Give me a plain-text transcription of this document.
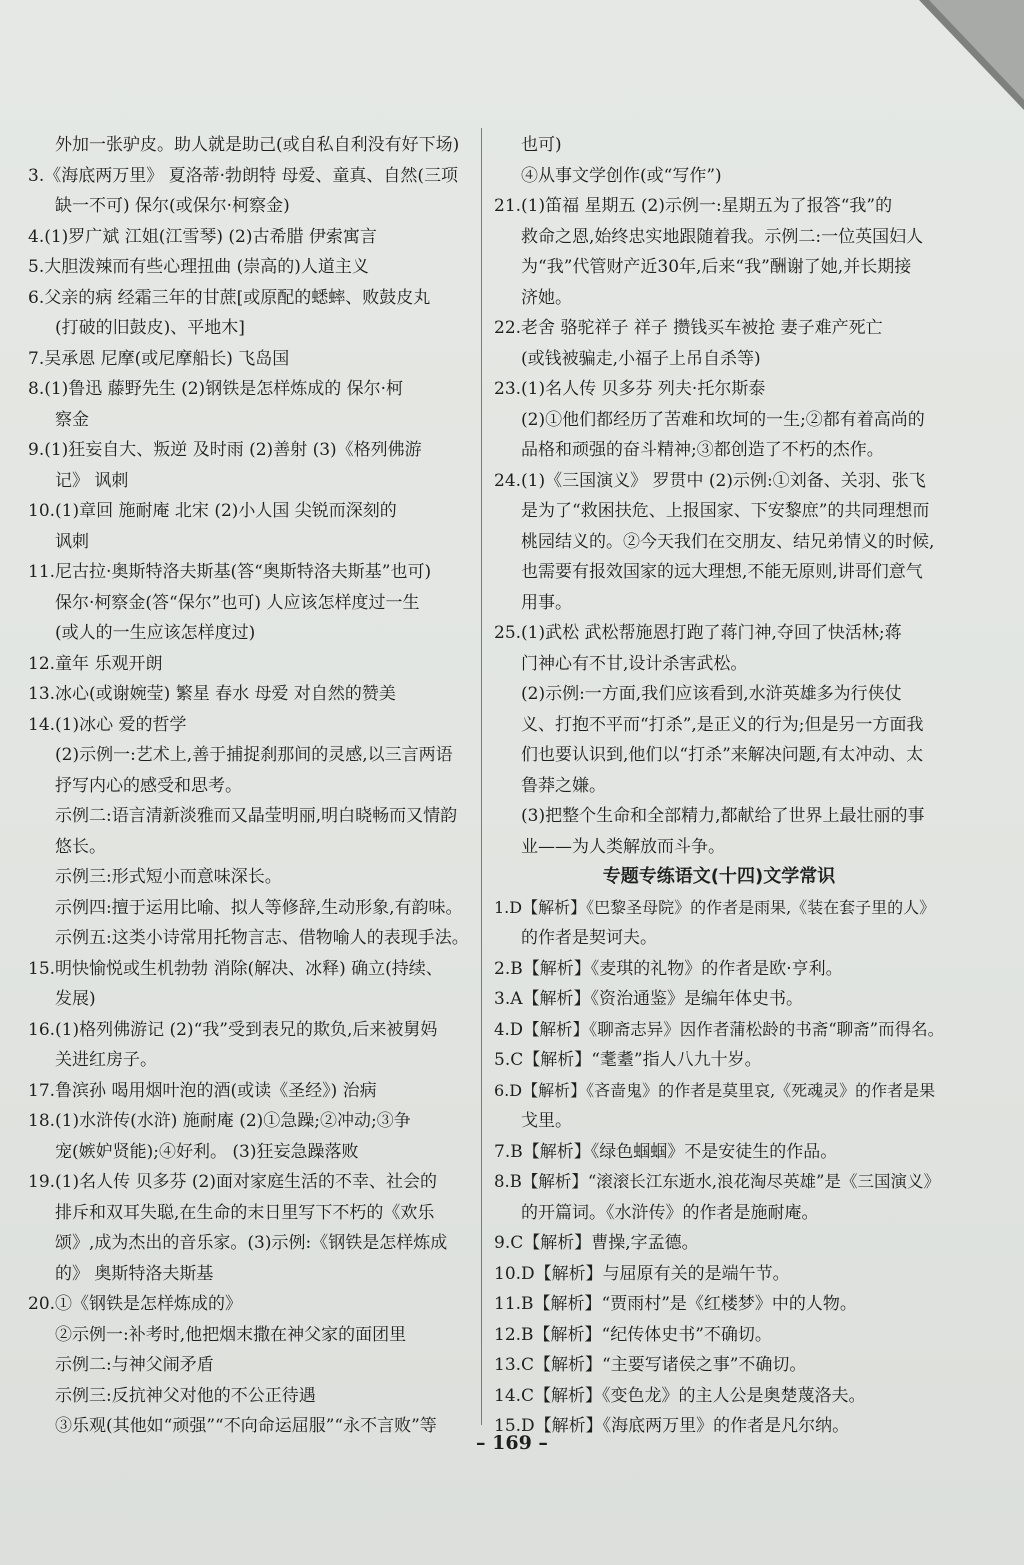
外加一张驴皮。助人就是助己(或自私自利没有好下场)
3.《海底两万里》 夏洛蒂·勃朗特 母爱、童真、自然(三项
缺一不可) 保尔(或保尔·柯察金)
4.(1)罗广斌 江姐(江雪琴) (2)古希腊 伊索寓言
5.大胆泼辣而有些心理扭曲 (崇高的)人道主义
6.父亲的病 经霜三年的甘蔗[或原配的蟋蟀、败鼓皮丸
(打破的旧鼓皮)、平地木]
7.吴承恩 尼摩(或尼摩船长) 飞岛国
8.(1)鲁迅 藤野先生 (2)钢铁是怎样炼成的 保尔·柯
察金
9.(1)狂妄自大、叛逆 及时雨 (2)善射 (3)《格列佛游
记》 讽刺
10.(1)章回 施耐庵 北宋 (2)小人国 尖锐而深刻的
讽刺
11.尼古拉·奥斯特洛夫斯基(答“奥斯特洛夫斯基”也可)
保尔·柯察金(答“保尔”也可) 人应该怎样度过一生
(或人的一生应该怎样度过)
12.童年 乐观开朗
13.冰心(或谢婉莹) 繁星 春水 母爱 对自然的赞美
14.(1)冰心 爱的哲学
(2)示例一:艺术上,善于捕捉刹那间的灵感,以三言两语
抒写内心的感受和思考。
示例二:语言清新淡雅而又晶莹明丽,明白晓畅而又情韵
悠长。
示例三:形式短小而意味深长。
示例四:擅于运用比喻、拟人等修辞,生动形象,有韵味。
示例五:这类小诗常用托物言志、借物喻人的表现手法。
15.明快愉悦或生机勃勃 消除(解决、冰释) 确立(持续、
发展)
16.(1)格列佛游记 (2)“我”受到表兄的欺负,后来被舅妈
关进红房子。
17.鲁滨孙 喝用烟叶泡的酒(或读《圣经》) 治病
18.(1)水浒传(水浒) 施耐庵 (2)①急躁;②冲动;③争
宠(嫉妒贤能);④好利。 (3)狂妄急躁落败
19.(1)名人传 贝多芬 (2)面对家庭生活的不幸、社会的
排斥和双耳失聪,在生命的末日里写下不朽的《欢乐
颂》,成为杰出的音乐家。(3)示例:《钢铁是怎样炼成
的》 奥斯特洛夫斯基
20.①《钢铁是怎样炼成的》
②示例一:补考时,他把烟末撒在神父家的面团里
示例二:与神父闹矛盾
示例三:反抗神父对他的不公正待遇
③乐观(其他如“顽强”“不向命运屈服”“永不言败”等
也可)
④从事文学创作(或“写作”)
21.(1)笛福 星期五 (2)示例一:星期五为了报答“我”的
救命之恩,始终忠实地跟随着我。示例二:一位英国妇人
为“我”代管财产近30年,后来“我”酬谢了她,并长期接
济她。
22.老舍 骆驼祥子 祥子 攒钱买车被抢 妻子难产死亡
(或钱被骗走,小福子上吊自杀等)
23.(1)名人传 贝多芬 列夫·托尔斯泰
(2)①他们都经历了苦难和坎坷的一生;②都有着高尚的
品格和顽强的奋斗精神;③都创造了不朽的杰作。
24.(1)《三国演义》 罗贯中 (2)示例:①刘备、关羽、张飞
是为了“救困扶危、上报国家、下安黎庶”的共同理想而
桃园结义的。②今天我们在交朋友、结兄弟情义的时候,
也需要有报效国家的远大理想,不能无原则,讲哥们意气
用事。
25.(1)武松 武松帮施恩打跑了蒋门神,夺回了快活林;蒋
门神心有不甘,设计杀害武松。
(2)示例:一方面,我们应该看到,水浒英雄多为行侠仗
义、打抱不平而“打杀”,是正义的行为;但是另一方面我
们也要认识到,他们以“打杀”来解决问题,有太冲动、太
鲁莽之嫌。
(3)把整个生命和全部精力,都献给了世界上最壮丽的事
业——为人类解放而斗争。
专题专练语文(十四)文学常识
1.D【解析】《巴黎圣母院》的作者是雨果,《装在套子里的人》
的作者是契诃夫。
2.B【解析】《麦琪的礼物》的作者是欧·亨利。
3.A【解析】《资治通鉴》是编年体史书。
4.D【解析】《聊斋志异》因作者蒲松龄的书斋“聊斋”而得名。
5.C【解析】“耄耋”指人八九十岁。
6.D【解析】《吝啬鬼》的作者是莫里哀,《死魂灵》的作者是果
戈里。
7.B【解析】《绿色蝈蝈》不是安徒生的作品。
8.B【解析】“滚滚长江东逝水,浪花淘尽英雄”是《三国演义》
的开篇词。《水浒传》的作者是施耐庵。
9.C【解析】曹操,字孟德。
10.D【解析】与屈原有关的是端午节。
11.B【解析】“贾雨村”是《红楼梦》中的人物。
12.B【解析】“纪传体史书”不确切。
13.C【解析】“主要写诸侯之事”不确切。
14.C【解析】《变色龙》的主人公是奥楚蔑洛夫。
15.D【解析】《海底两万里》的作者是凡尔纳。
– 169 –
